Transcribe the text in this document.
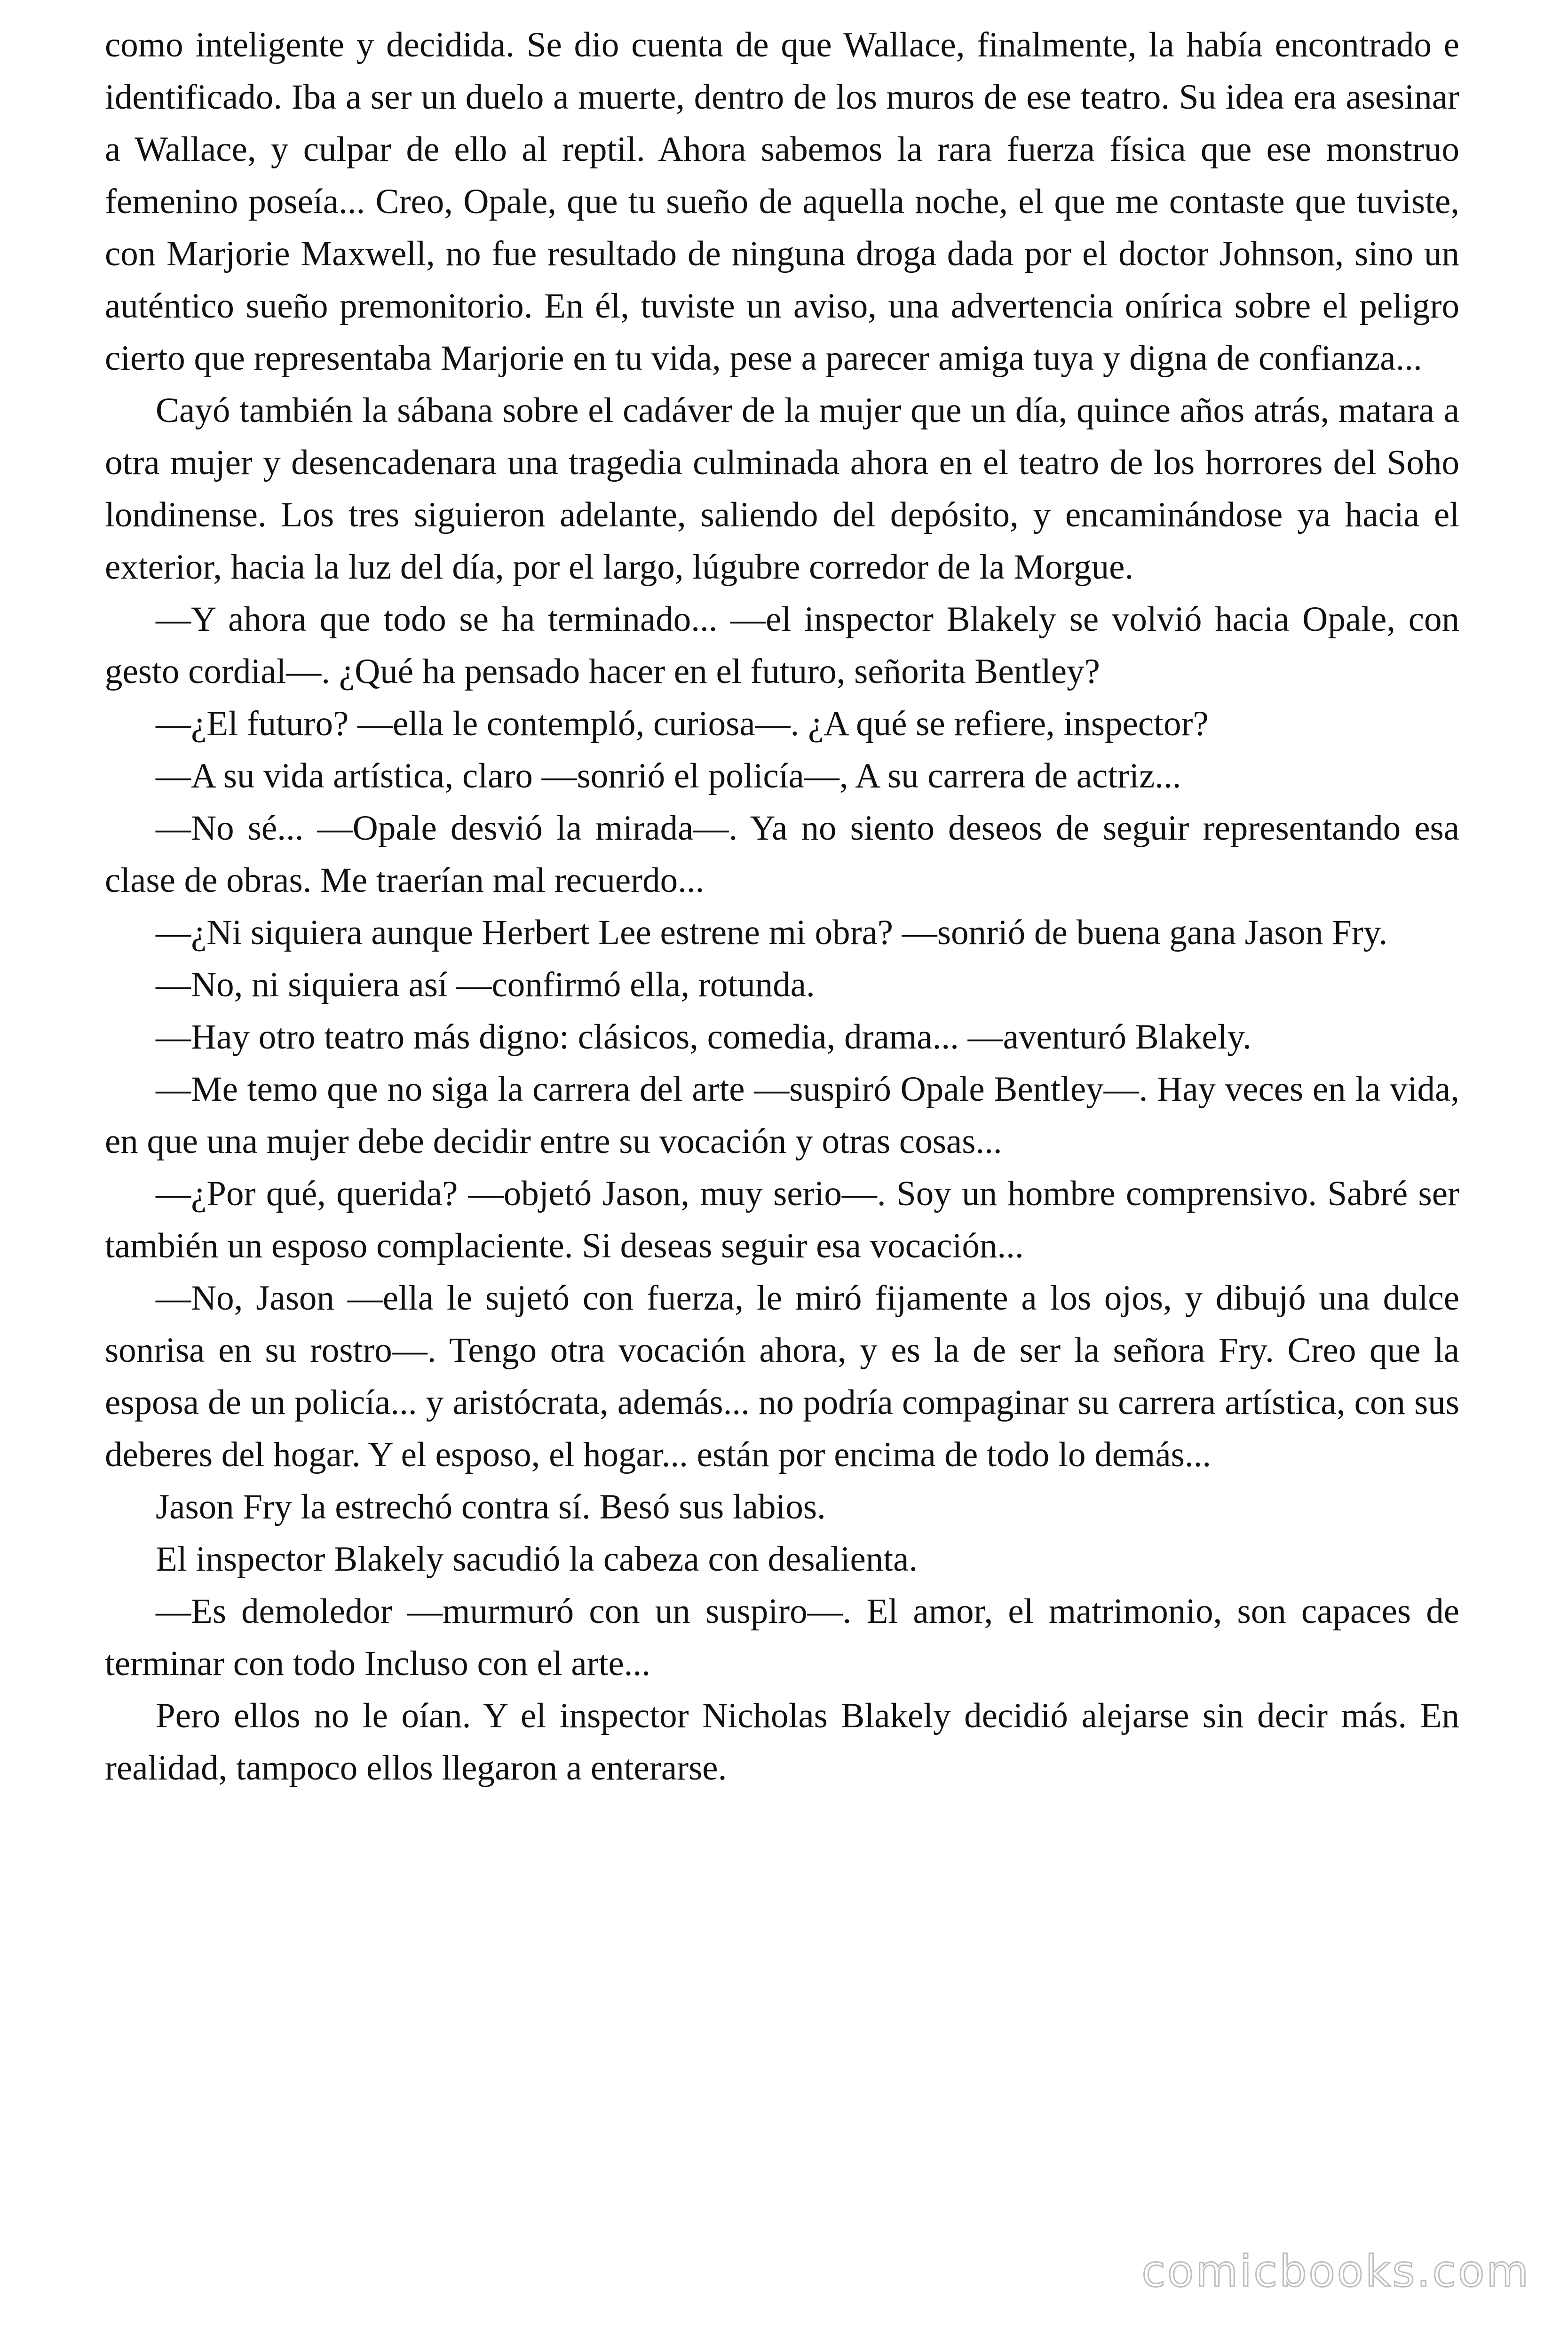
como inteligente y decidida. Se dio cuenta de que Wallace, finalmente, la había encontrado e identificado. Iba a ser un duelo a muerte, dentro de los muros de ese teatro. Su idea era asesinar a Wallace, y culpar de ello al reptil. Ahora sabemos la rara fuerza física que ese monstruo femenino poseía... Creo, Opale, que tu sueño de aquella noche, el que me contaste que tuviste, con Marjorie Maxwell, no fue resultado de ninguna droga dada por el doctor Johnson, sino un auténtico sueño premonitorio. En él, tuviste un aviso, una advertencia onírica sobre el peligro cierto que representaba Marjorie en tu vida, pese a parecer amiga tuya y digna de confianza...

Cayó también la sábana sobre el cadáver de la mujer que un día, quince años atrás, matara a otra mujer y desencadenara una tragedia culminada ahora en el teatro de los horrores del Soho londinense. Los tres siguieron adelante, saliendo del depósito, y encaminándose ya hacia el exterior, hacia la luz del día, por el largo, lúgubre corredor de la Morgue.

—Y ahora que todo se ha terminado... —el inspector Blakely se volvió hacia Opale, con gesto cordial—. ¿Qué ha pensado hacer en el futuro, señorita Bentley?

—¿El futuro? —ella le contempló, curiosa—. ¿A qué se refiere, inspector?

—A su vida artística, claro —sonrió el policía—, A su carrera de actriz...

—No sé... —Opale desvió la mirada—. Ya no siento deseos de seguir representando esa clase de obras. Me traerían mal recuerdo...

—¿Ni siquiera aunque Herbert Lee estrene mi obra? —sonrió de buena gana Jason Fry.

—No, ni siquiera así —confirmó ella, rotunda.

—Hay otro teatro más digno: clásicos, comedia, drama... —aventuró Blakely.

—Me temo que no siga la carrera del arte —suspiró Opale Bentley—. Hay veces en la vida, en que una mujer debe decidir entre su vocación y otras cosas...

—¿Por qué, querida? —objetó Jason, muy serio—. Soy un hombre comprensivo. Sabré ser también un esposo complaciente. Si deseas seguir esa vocación...

—No, Jason —ella le sujetó con fuerza, le miró fijamente a los ojos, y dibujó una dulce sonrisa en su rostro—. Tengo otra vocación ahora, y es la de ser la señora Fry. Creo que la esposa de un policía... y aristócrata, además... no podría compaginar su carrera artística, con sus deberes del hogar. Y el esposo, el hogar... están por encima de todo lo demás...

Jason Fry la estrechó contra sí. Besó sus labios.

El inspector Blakely sacudió la cabeza con desalienta.

—Es demoledor —murmuró con un suspiro—. El amor, el matrimonio, son capaces de terminar con todo Incluso con el arte...

Pero ellos no le oían. Y el inspector Nicholas Blakely decidió alejarse sin decir más. En realidad, tampoco ellos llegaron a enterarse.

comicbooks.com
